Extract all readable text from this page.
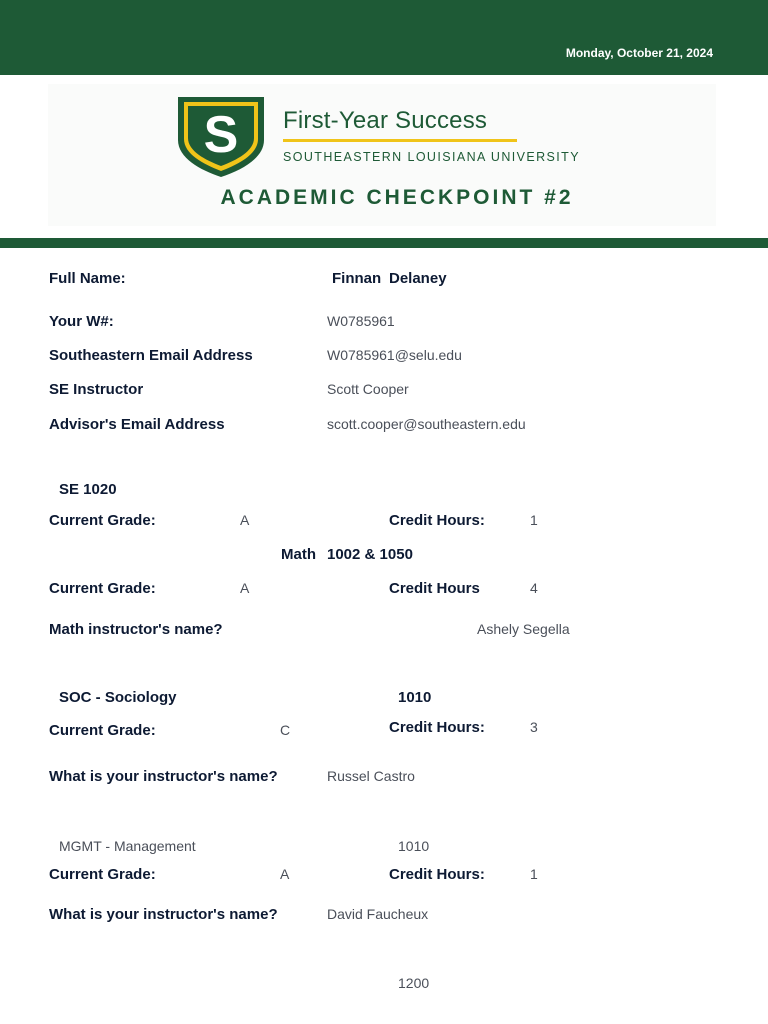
Monday, October 21, 2024
S First-Year Success
SOUTHEASTERN LOUISIANA UNIVERSITY
ACADEMIC CHECKPOINT #2
Full Name:	Finnan Delaney
Your W#:	W0785961
Southeastern Email Address	W0785961@selu.edu
SE Instructor	Scott Cooper
Advisor's Email Address	scott.cooper@southeastern.edu
SE 1020
Current Grade:	A	Credit Hours:	1
Math 1002 & 1050
Current Grade:	A	Credit Hours	4
Math instructor's name?	Ashely Segella
SOC - Sociology	1010
Current Grade:	C	Credit Hours:	3
What is your instructor's name?	Russel Castro
MGMT - Management	1010
Current Grade:	A	Credit Hours:	1
What is your instructor's name?	David Faucheux
1200
